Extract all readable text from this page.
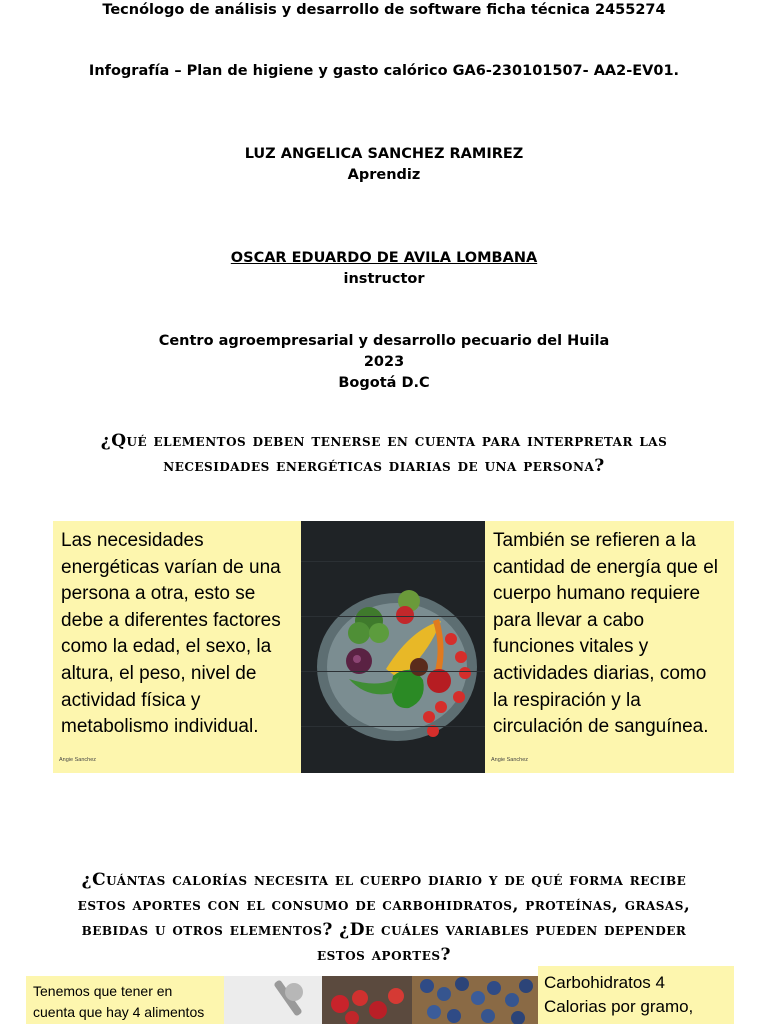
Tecnólogo de análisis y desarrollo de software ficha técnica 2455274
Infografía – Plan de higiene y gasto calórico GA6-230101507- AA2-EV01.
LUZ ANGELICA SANCHEZ RAMIREZ
Aprendiz
OSCAR EDUARDO DE AVILA LOMBANA
instructor
Centro agroempresarial y desarrollo pecuario del Huila
2023
Bogotá D.C
¿Qué elementos deben tenerse en cuenta para interpretar las
necesidades energéticas diarias de una persona?
Las necesidades energéticas varían de una persona a otra, esto se debe a diferentes factores como la edad, el sexo, la altura, el peso, nivel de actividad física y metabolismo individual.
Angie Sanchez
También se refieren a la cantidad de energía que el cuerpo humano requiere para llevar a cabo funciones vitales y actividades diarias, como la respiración y la circulación de sanguínea.
Angie Sanchez
¿Cuántas calorías necesita el cuerpo diario y de qué forma recibe
estos aportes con el consumo de carbohidratos, proteínas, grasas,
bebidas u otros elementos? ¿De cuáles variables pueden depender
estos aportes?
Tenemos que tener en cuenta que hay 4 alimentos
Carbohidratos 4 Calorias por gramo,
